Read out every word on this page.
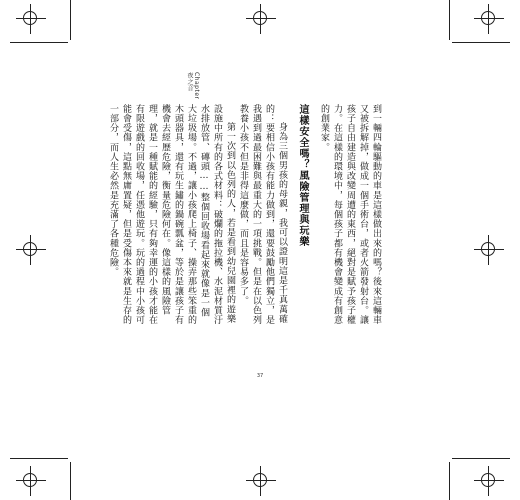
Chapter
夜之音

到一輛四輪驅動的車是這樣做出來的嗎？後來這輛車又被拆解掉，做成一個手術台，或者火箭發射台。讓孩子自由建造與改變周遭的東西，絕對是賦予孩子權力。在這樣的環境中，每個孩子都有機會變成有創意的創業家。

這樣安全嗎？風險管理與玩樂

身為三個男孩的母親，我可以證明這是千真萬確的：要相信小孩有能力做到，還要鼓勵他們獨立，是我遇到過最困難與最重大的一項挑戰。但是在以色列教養小孩不但是非得這麼做，而且是容易多了。

第一次到以色列的人，若是看到幼兒園裡的遊樂設施中所有的各式材料：破爛的拖拉機、水泥材質汙水排放管、磚頭……整個回收場看起來就像是一個大垃圾場。不過，讓小孩爬上椅子、操弄那些笨重的木頭器具，還有玩生鏽的鍋碗瓢盆，等於是讓孩子有機會去經歷危險，衡量危險何在。像這樣的風險管理，就是一種賦能的經驗，只有夠幸運的小孩才能在有限遊戲的回收場，任憑他遊玩。玩的過程中小孩可能會受傷，這點無庸置疑，但是受傷本來就是生存的一部分，而人生必然是充滿了各種危險。

37
